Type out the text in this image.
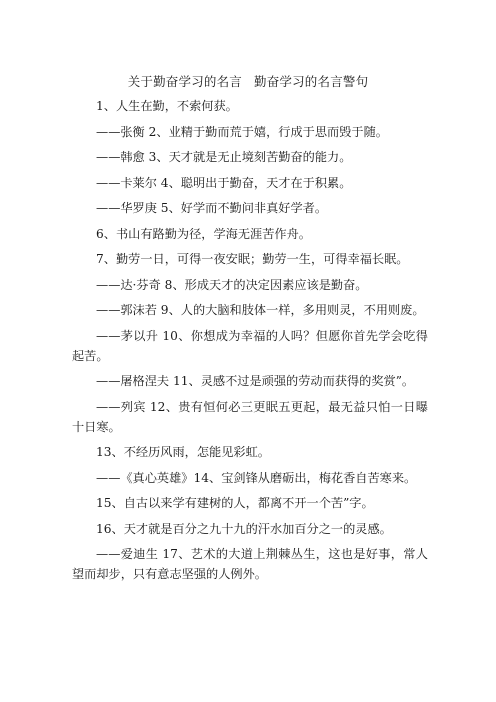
关于勤奋学习的名言 勤奋学习的名言警句

1、人生在勤，不索何获。

——张衡 2、业精于勤而荒于嬉，行成于思而毁于随。

——韩愈 3、天才就是无止境刻苦勤奋的能力。

——卡莱尔 4、聪明出于勤奋，天才在于积累。

——华罗庚 5、好学而不勤问非真好学者。

6、书山有路勤为径，学海无涯苦作舟。

7、勤劳一日，可得一夜安眠；勤劳一生，可得幸福长眠。

——达·芬奇 8、形成天才的决定因素应该是勤奋。

——郭沫若 9、人的大脑和肢体一样，多用则灵，不用则废。

——茅以升 10、你想成为幸福的人吗？但愿你首先学会吃得起苦。

——屠格涅夫 11、灵感不过是顽强的劳动而获得的奖赏”。

——列宾 12、贵有恒何必三更眠五更起，最无益只怕一日曝十日寒。

13、不经历风雨，怎能见彩虹。

——《真心英雄》14、宝剑锋从磨砺出，梅花香自苦寒来。

15、自古以来学有建树的人，都离不开一个苦”字。

16、天才就是百分之九十九的汗水加百分之一的灵感。

——爱迪生 17、艺术的大道上荆棘丛生，这也是好事，常人望而却步，只有意志坚强的人例外。
